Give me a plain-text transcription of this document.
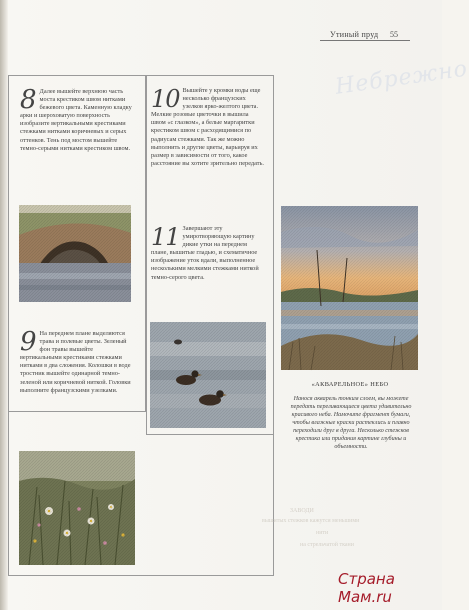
Утиный пруд 55
Небрежно
8 Далее вышейте верхнюю часть моста крестиком швом нитками бежевого цвета. Каменную кладку арки и шероховатую поверхность изобразите вертикальными крестиками стежками нитками коричневых и серых оттенков. Тень под мостом вышейте темно-серыми нитками крестиком швом.
10 Вышейте у кромки воды еще несколько французских узелков ярко-желтого цвета. Мелкие розовые цветочки в вышила швом «с глазком», а белые маргаритки крестиком швом с расходящимися по радиусам стежками. Так же можно выполнить и другие цветы, варьируя их размер в зависимости от того, какое расстояние вы хотите зрительно передать.
11 Завершают эту умиротворяющую картину дикие утки на переднем плане, вышитые гладью, и схематичное изображение уток вдали, выполненное несколькими мелкими стежками ниткой темно-серого цвета.
9 На переднем плане выделяются трава и полевые цветы. Зеленый фон травы вышейте вертикальными крестиками стежками нитками в два сложения. Колошки в воде тростник вышейте одинарной темно-зеленой или коричневой ниткой. Головки выполните французскими узелками.
«АКВАРЕЛЬНОЕ» НЕБО
Нанося акварель тонким слоем, вы можете передать переливающиеся цвета удивительно красивого неба. Намочите фрагмент бумаги, чтобы влажные краски растеклись и плавно переходили друг в друга. Несколько стежков крестика или придания картине глубины и объемности.
ЗАВОДИ
вышитых стежков кажутся меньшими
нити
на стрельчатой ткани
Страна Мам.ru
